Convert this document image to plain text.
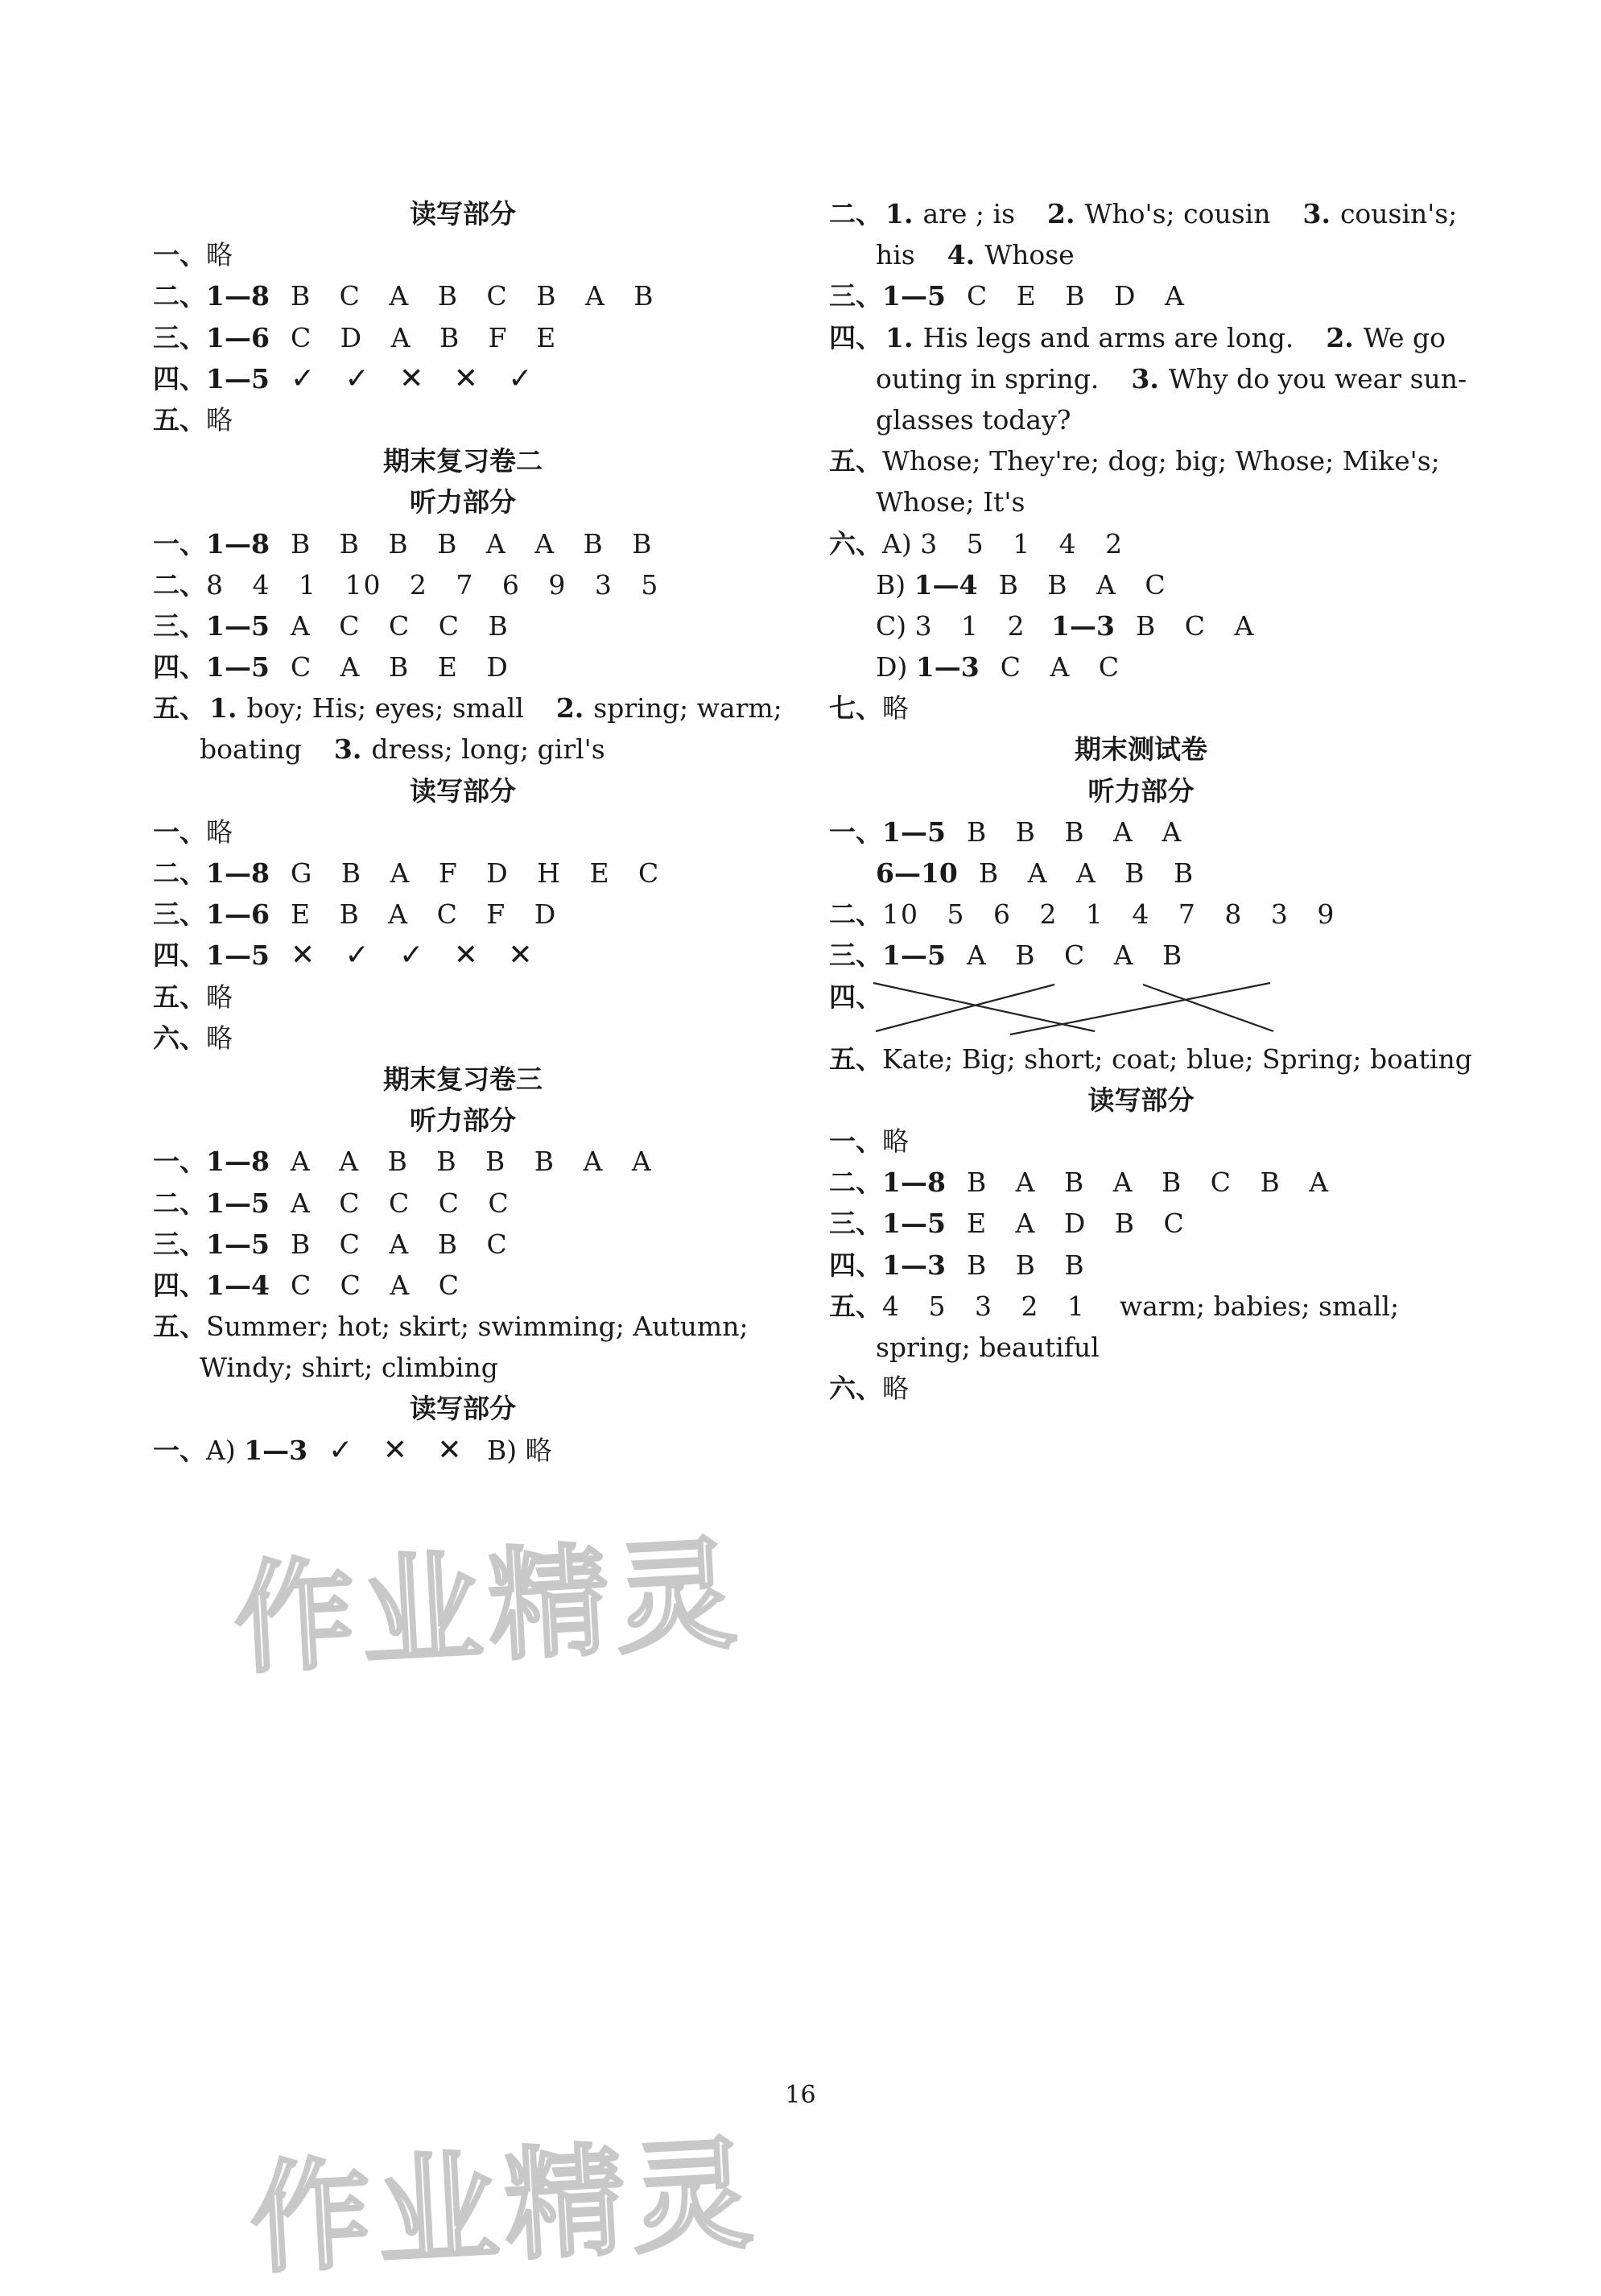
读写部分
一、略
二、1—8 B C A B C B A B
三、1—6 C D A B F E
四、1—5 ✓ ✓ ✕ ✕ ✓
五、略
期末复习卷二
听力部分
一、1—8 B B B B A A B B
二、8 4 1 10 2 7 6 9 3 5
三、1—5 A C C C B
四、1—5 C A B E D
五、 1. boy; His; eyes; small 2. spring; warm;
boating 3. dress; long; girl's
读写部分
一、略
二、1—8 G B A F D H E C
三、1—6 E B A C F D
四、1—5 ✕ ✓ ✓ ✕ ✕
五、略
六、略
期末复习卷三
听力部分
一、1—8 A A B B B B A A
二、1—5 A C C C C
三、1—5 B C A B C
四、1—4 C C A C
五、Summer; hot; skirt; swimming; Autumn;
Windy; shirt; climbing
读写部分
一、A) 1—3 ✓ ✕ ✕ B) 略
二、 1. are ; is 2. Who's; cousin 3. cousin's;
his 4. Whose
三、1—5 C E B D A
四、 1. His legs and arms are long. 2. We go
outing in spring. 3. Why do you wear sun-
glasses today?
五、Whose; They're; dog; big; Whose; Mike's;
Whose; It's
六、A) 3 5 1 4 2
B) 1—4 B B A C
C) 3 1 2 1—3 B C A
D) 1—3 C A C
七、略
期末测试卷
听力部分
一、1—5 B B B A A
6—10 B A A B B
二、10 5 6 2 1 4 7 8 3 9
三、1—5 A B C A B
四、
五、Kate; Big; short; coat; blue; Spring; boating
读写部分
一、略
二、1—8 B A B A B C B A
三、1—5 E A D B C
四、1—3 B B B
五、4 5 3 2 1 warm; babies; small;
spring; beautiful
六、略
作业精灵
作业精灵
16
